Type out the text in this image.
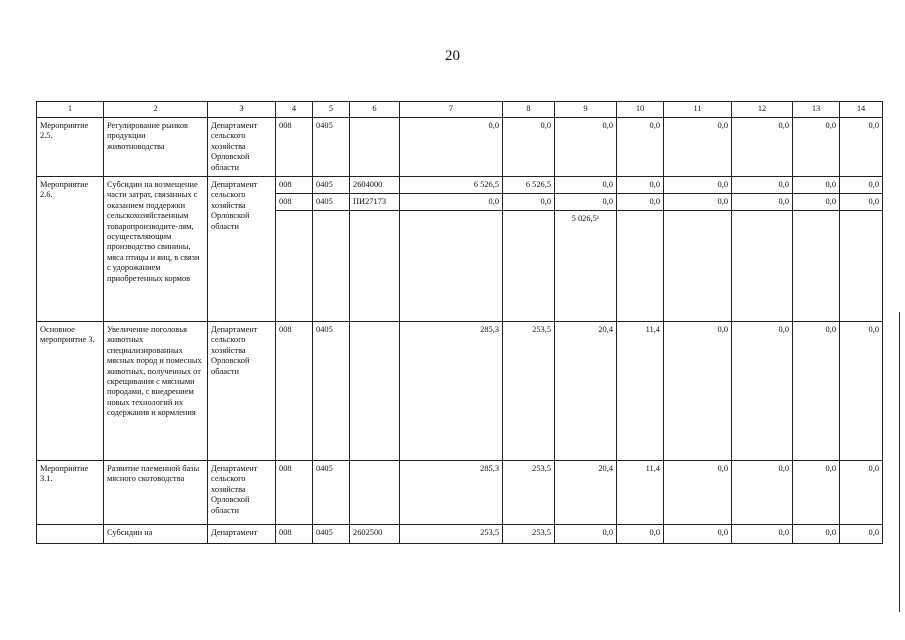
20
1	2	3	4	5	6	7	8	9	10	11	12	13	14	
Мероприятие 2.5.	Регулирование рынков продукции животноводства	Департамент сельского хозяйства Орловской области	008	0405		0,0	0,0	0,0	0,0	0,0	0,0	0,0	0,0	
Мероприятие 2.6.	Субсидии на возмещение части затрат, связанных с оказанием поддержки сельскохозяйственным товаропроизводите-лям, осуществляющим производство свинины, мяса птицы и яиц, в связи с удорожанием приобретенных кормов	Департамент сельского хозяйства Орловской области	008	0405	2604000	6 526,5	6 526,5	0,0	0,0	0,0	0,0	0,0	0,0	
			008	0405	ПИ27173	0,0	0,0	0,0	0,0	0,0	0,0	0,0	0,0	
								5 026,5¹						
Основное мероприятие 3.	Увеличение поголовья животных специализированных мясных пород и помесных животных, полученных от скрещивания с мясными породами, с внедрением новых технологий их содержания и кормления	Департамент сельского хозяйства Орловской области	008	0405		285,3	253,5	20,4	11,4	0,0	0,0	0,0	0,0	
Мероприятие 3.1.	Развитие племенной базы мясного скотоводства	Департамент сельского хозяйства Орловской области	008	0405		285,3	253,5	20,4	11,4	0,0	0,0	0,0	0,0	
	Субсидии на	Департамент	008	0405	2602500	253,5	253,5	0,0	0,0	0,0	0,0	0,0	0,0	
